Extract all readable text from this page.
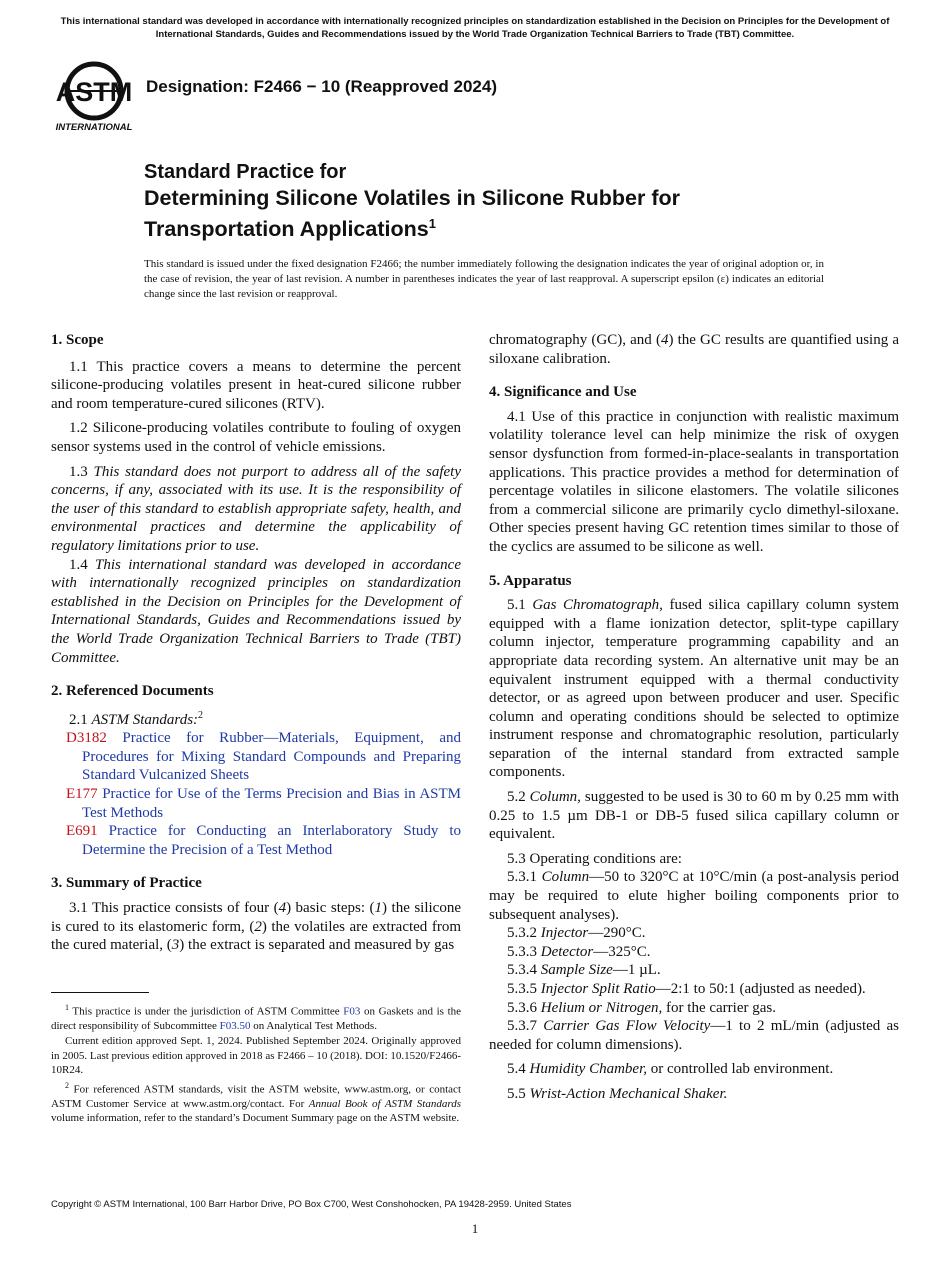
This international standard was developed in accordance with internationally recognized principles on standardization established in the Decision on Principles for the Development of International Standards, Guides and Recommendations issued by the World Trade Organization Technical Barriers to Trade (TBT) Committee.
ASTM
INTERNATIONAL
Designation: F2466 − 10 (Reapproved 2024)
Standard Practice for
Determining Silicone Volatiles in Silicone Rubber for
Transportation Applications$^1$
This standard is issued under the fixed designation F2466; the number immediately following the designation indicates the year of original adoption or, in the case of revision, the year of last revision. A number in parentheses indicates the year of last reapproval. A superscript epsilon (ε) indicates an editorial change since the last revision or reapproval.

1. Scope

1.1 This practice covers a means to determine the percent silicone-producing volatiles present in heat-cured silicone rubber and room temperature-cured silicones (RTV).

1.2 Silicone-producing volatiles contribute to fouling of oxygen sensor systems used in the control of vehicle emissions.

1.3 This standard does not purport to address all of the safety concerns, if any, associated with its use. It is the responsibility of the user of this standard to establish appropriate safety, health, and environmental practices and determine the applicability of regulatory limitations prior to use.

1.4 This international standard was developed in accordance with internationally recognized principles on standardization established in the Decision on Principles for the Development of International Standards, Guides and Recommendations issued by the World Trade Organization Technical Barriers to Trade (TBT) Committee.

2. Referenced Documents

2.1 ASTM Standards:$^2$

D3182 Practice for Rubber—Materials, Equipment, and Procedures for Mixing Standard Compounds and Preparing Standard Vulcanized Sheets

E177 Practice for Use of the Terms Precision and Bias in ASTM Test Methods

E691 Practice for Conducting an Interlaboratory Study to Determine the Precision of a Test Method

3. Summary of Practice

3.1 This practice consists of four (4) basic steps: (1) the silicone is cured to its elastomeric form, (2) the volatiles are extracted from the cured material, (3) the extract is separated and measured by gas

chromatography (GC), and (4) the GC results are quantified using a siloxane calibration.

4. Significance and Use

4.1 Use of this practice in conjunction with realistic maximum volatility tolerance level can help minimize the risk of oxygen sensor dysfunction from formed-in-place-sealants in transportation applications. This practice provides a method for determination of percentage volatiles in silicone elastomers. The volatile silicones from a commercial silicone are primarily cyclo dimethyl-siloxane. Other species present having GC retention times similar to those of the cyclics are assumed to be silicone as well.

5. Apparatus

5.1 Gas Chromatograph, fused silica capillary column system equipped with a flame ionization detector, split-type capillary column injector, temperature programming capability and an appropriate data recording system. An alternative unit may be an equivalent instrument equipped with a thermal conductivity detector, or as agreed upon between producer and user. Specific column and operating conditions should be selected to optimize instrument response and chromatographic resolution, particularly separation of the internal standard from extracted sample components.

5.2 Column, suggested to be used is 30 to 60 m by 0.25 mm with 0.25 to 1.5 µm DB-1 or DB-5 fused silica capillary column or equivalent.

5.3 Operating conditions are:

5.3.1 Column—50 to 320°C at 10°C/min (a post-analysis period may be required to elute higher boiling components prior to subsequent analyses).

5.3.2 Injector—290°C.

5.3.3 Detector—325°C.

5.3.4 Sample Size—1 µL.

5.3.5 Injector Split Ratio—2:1 to 50:1 (adjusted as needed).

5.3.6 Helium or Nitrogen, for the carrier gas.

5.3.7 Carrier Gas Flow Velocity—1 to 2 mL/min (adjusted as needed for column dimensions).

5.4 Humidity Chamber, or controlled lab environment.

5.5 Wrist-Action Mechanical Shaker.

$^1$ This practice is under the jurisdiction of ASTM Committee F03 on Gaskets and is the direct responsibility of Subcommittee F03.50 on Analytical Test Methods.

Current edition approved Sept. 1, 2024. Published September 2024. Originally approved in 2005. Last previous edition approved in 2018 as F2466 – 10 (2018). DOI: 10.1520/F2466-10R24.

$^2$ For referenced ASTM standards, visit the ASTM website, www.astm.org, or contact ASTM Customer Service at www.astm.org/contact. For Annual Book of ASTM Standards volume information, refer to the standard’s Document Summary page on the ASTM website.

Copyright © ASTM International, 100 Barr Harbor Drive, PO Box C700, West Conshohocken, PA 19428-2959. United States
1
